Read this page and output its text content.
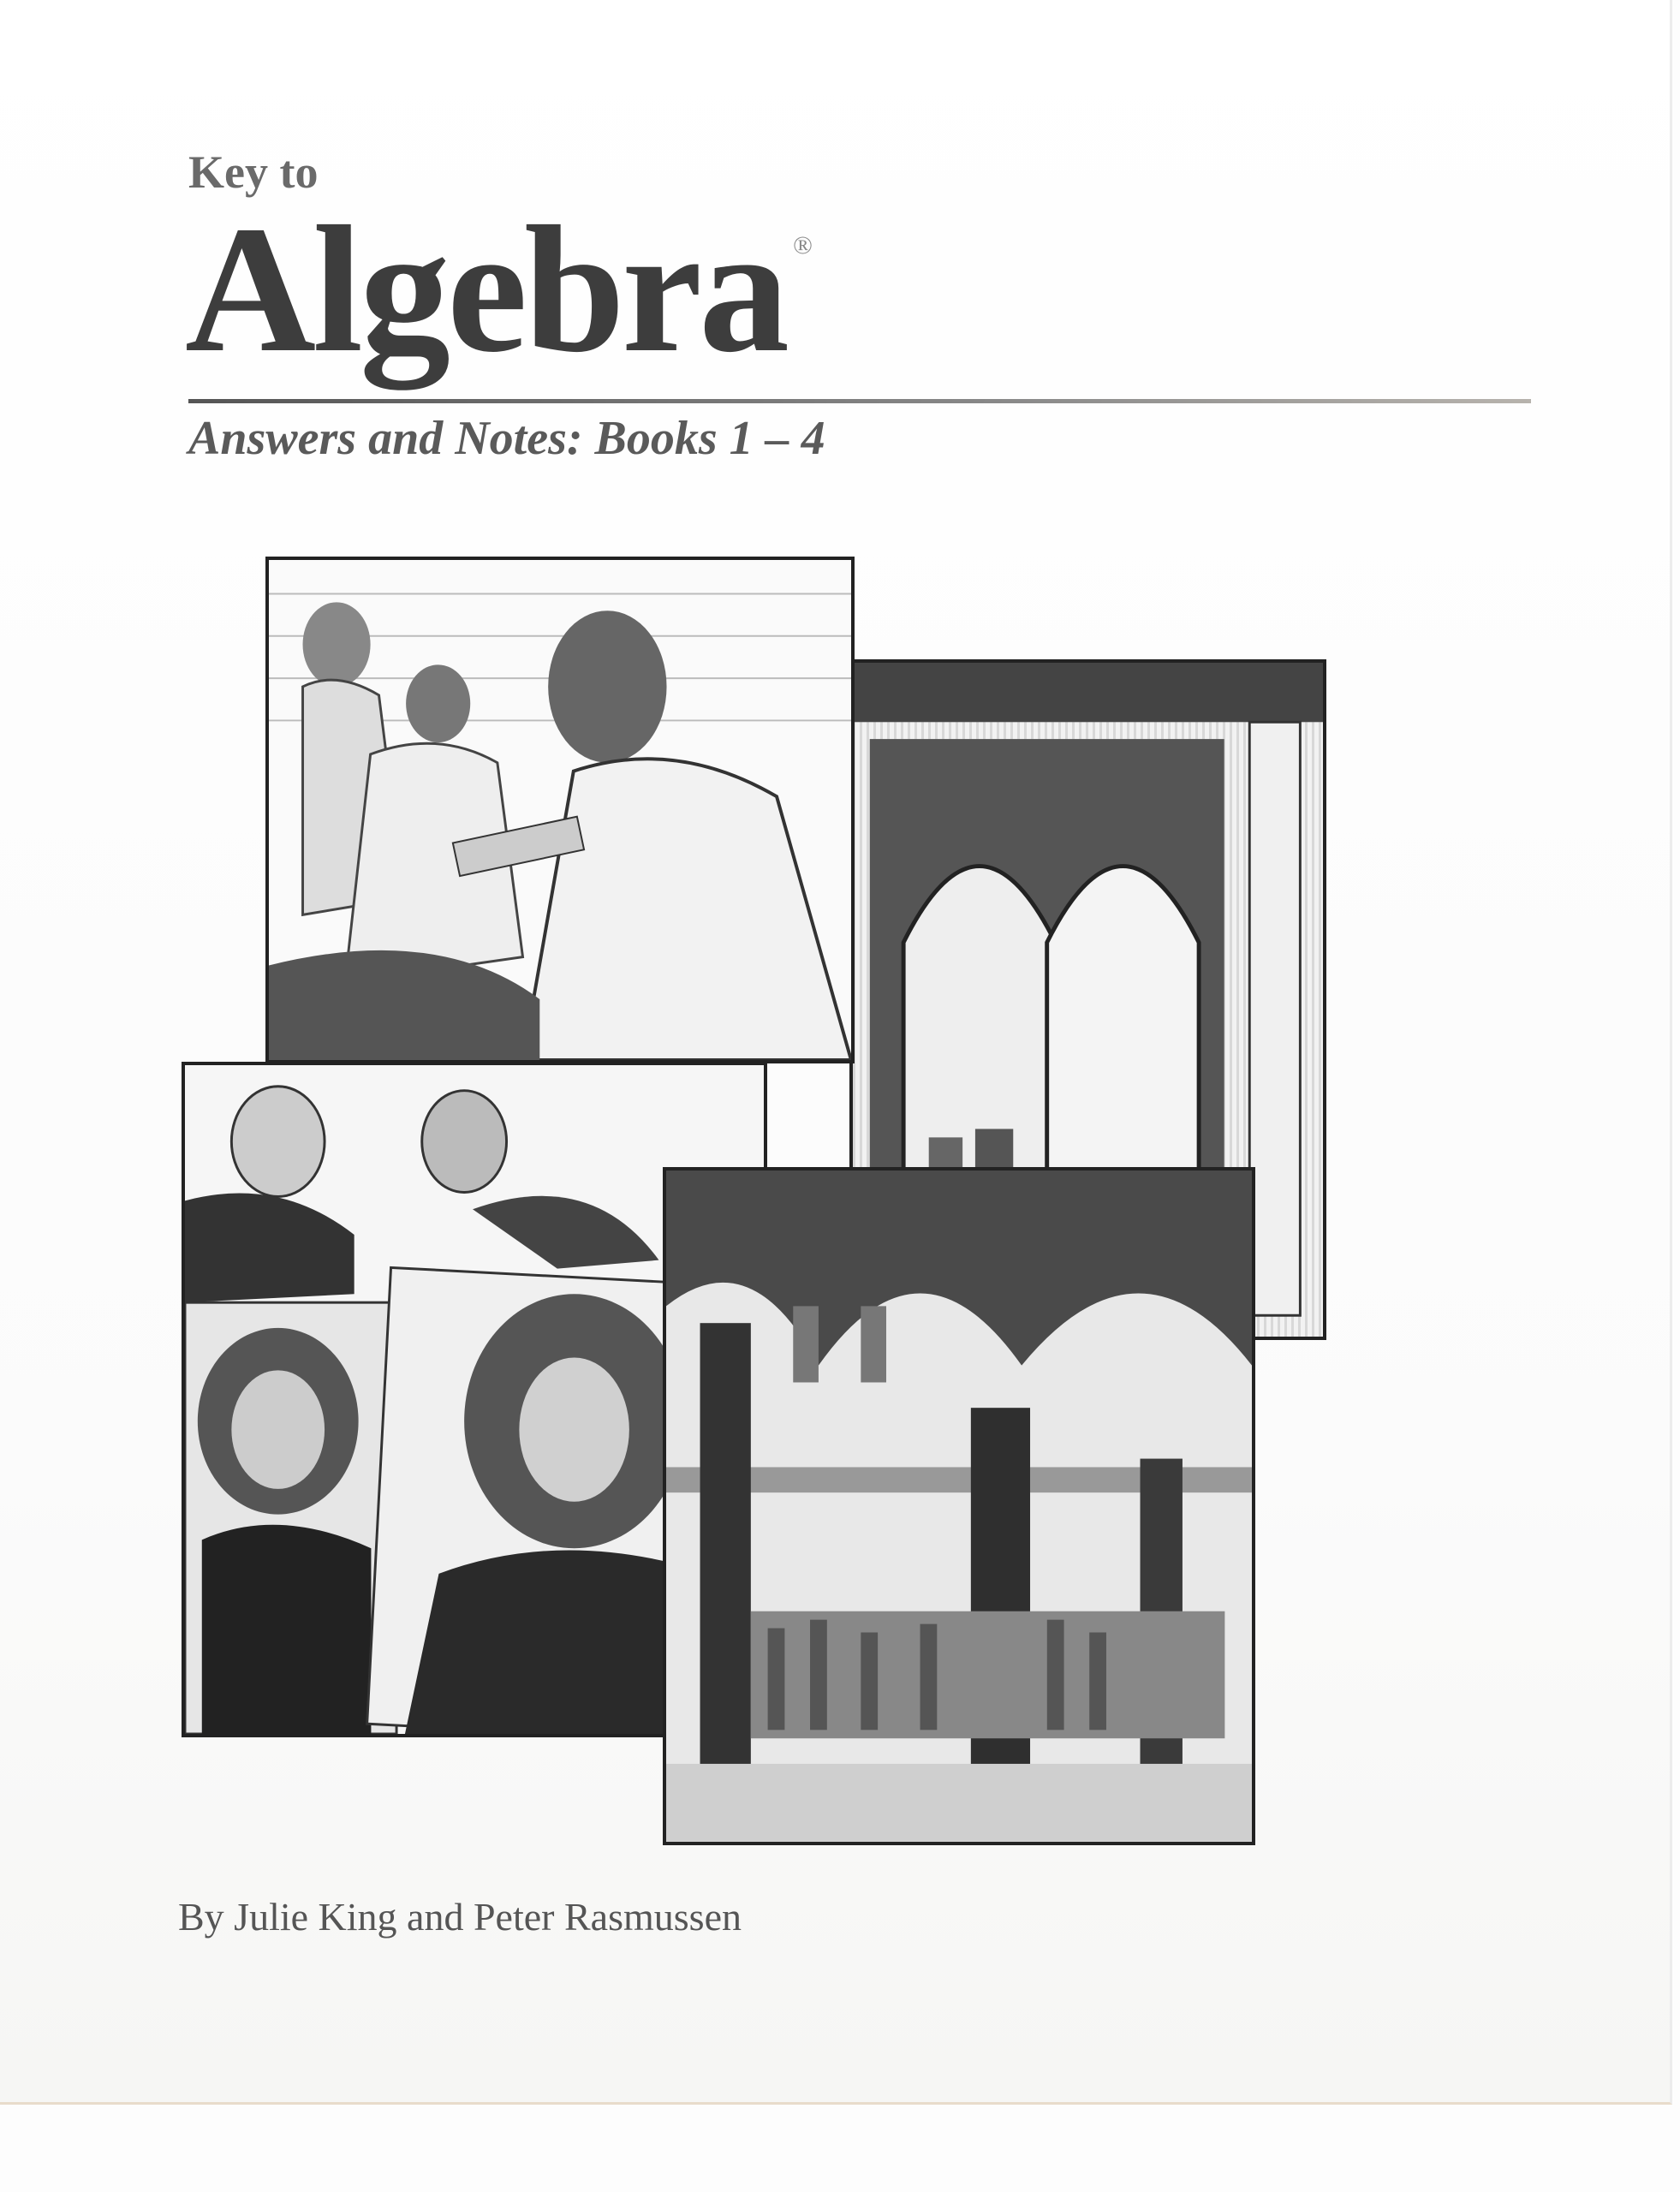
Key to
Algebra ®
Answers and Notes: Books 1 – 4
By Julie King and Peter Rasmussen
